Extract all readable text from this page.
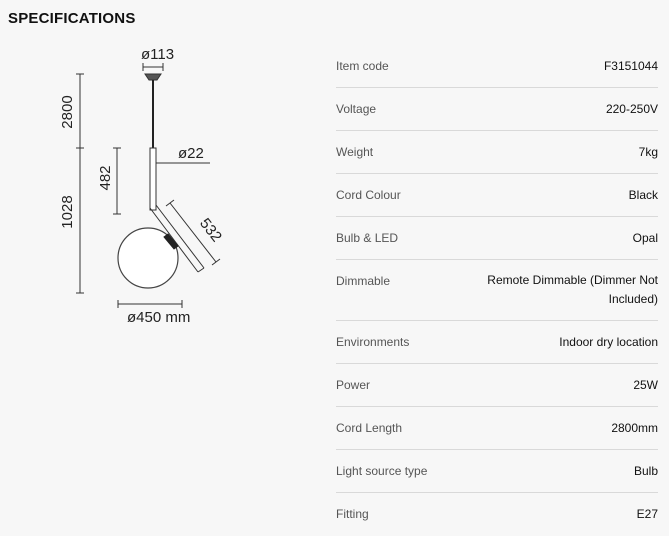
SPECIFICATIONS
ø113
2800
482
1028
ø22
532
ø450 mm
Item code	F3151044
Voltage	220-250V
Weight	7kg
Cord Colour	Black
Bulb & LED	Opal
Dimmable	Remote Dimmable (Dimmer Not Included)
Environments	Indoor dry location
Power	25W
Cord Length	2800mm
Light source type	Bulb
Fitting	E27
